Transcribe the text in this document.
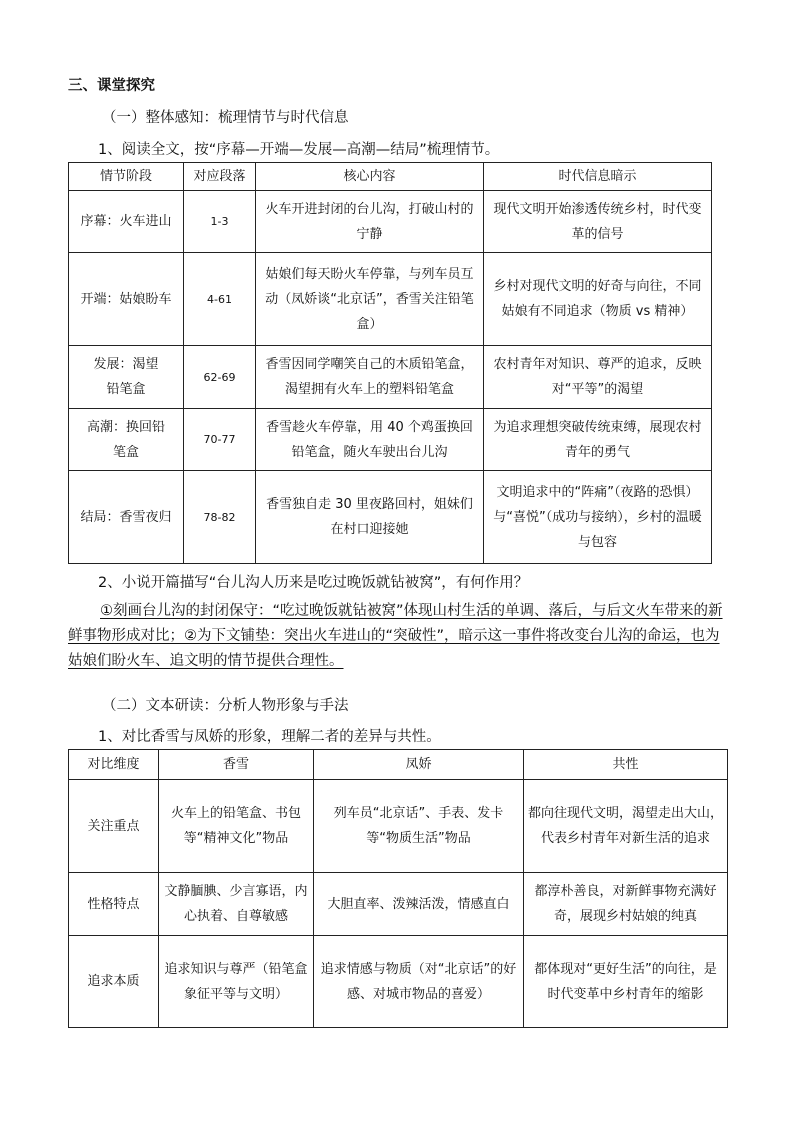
三、课堂探究
（一）整体感知：梳理情节与时代信息
1、阅读全文，按“序幕—开端—发展—高潮—结局”梳理情节。
情节阶段	对应段落	核心内容	时代信息暗示
序幕：火车进山	1-3	火车开进封闭的台儿沟，打破山村的宁静	现代文明开始渗透传统乡村，时代变革的信号
开端：姑娘盼车	4-61	姑娘们每天盼火车停靠，与列车员互动（凤娇谈“北京话”，香雪关注铅笔盒）	乡村对现代文明的好奇与向往，不同姑娘有不同追求（物质 vs 精神）
发展：渴望铅笔盒	62-69	香雪因同学嘲笑自己的木质铅笔盒，渴望拥有火车上的塑料铅笔盒	农村青年对知识、尊严的追求，反映对“平等”的渴望
高潮：换回铅笔盒	70-77	香雪趁火车停靠，用 40 个鸡蛋换回铅笔盒，随火车驶出台儿沟	为追求理想突破传统束缚，展现农村青年的勇气
结局：香雪夜归	78-82	香雪独自走 30 里夜路回村，姐妹们在村口迎接她	文明追求中的“阵痛”（夜路的恐惧）与“喜悦”（成功与接纳），乡村的温暖与包容
2、小说开篇描写“台儿沟人历来是吃过晚饭就钻被窝”，有何作用？
①刻画台儿沟的封闭保守：“吃过晚饭就钻被窝”体现山村生活的单调、落后，与后文火车带来的新鲜事物形成对比；②为下文铺垫：突出火车进山的“突破性”，暗示这一事件将改变台儿沟的命运，也为姑娘们盼火车、追文明的情节提供合理性。
（二）文本研读：分析人物形象与手法
1、对比香雪与凤娇的形象，理解二者的差异与共性。
对比维度	香雪	凤娇	共性
关注重点	火车上的铅笔盒、书包等“精神文化”物品	列车员“北京话”、手表、发卡等“物质生活”物品	都向往现代文明，渴望走出大山，代表乡村青年对新生活的追求
性格特点	文静腼腆、少言寡语，内心执着、自尊敏感	大胆直率、泼辣活泼，情感直白	都淳朴善良，对新鲜事物充满好奇，展现乡村姑娘的纯真
追求本质	追求知识与尊严（铅笔盒象征平等与文明）	追求情感与物质（对“北京话”的好感、对城市物品的喜爱）	都体现对“更好生活”的向往，是时代变革中乡村青年的缩影
